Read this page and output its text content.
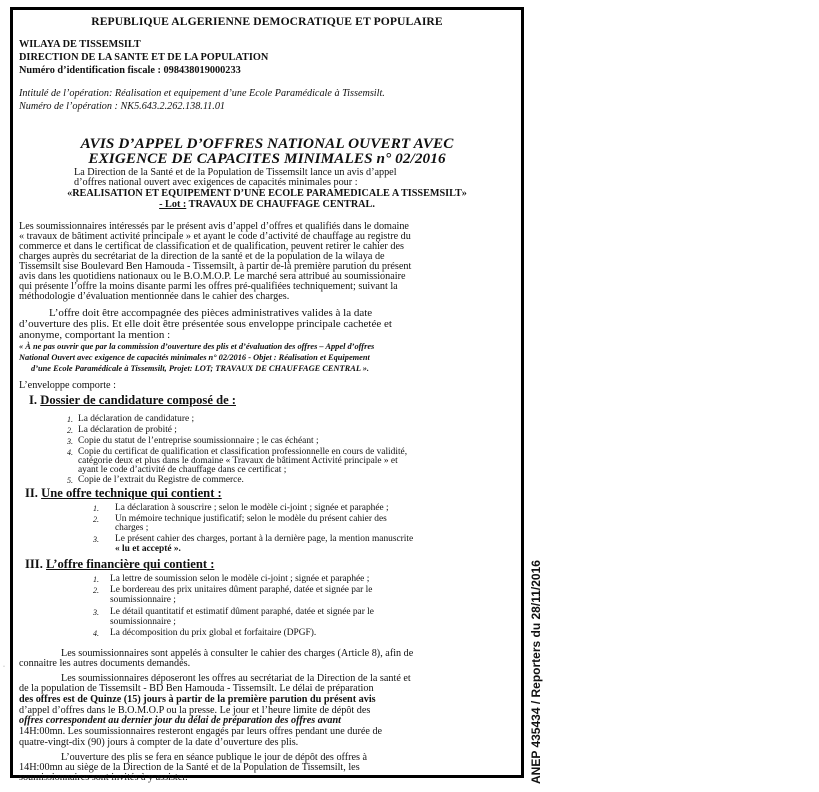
REPUBLIQUE ALGERIENNE DEMOCRATIQUE ET POPULAIRE
WILAYA DE TISSEMSILT
DIRECTION DE LA SANTE ET DE LA POPULATION
Numéro d’identification fiscale : 098438019000233
Intitulé de l’opération: Réalisation et equipement d’une Ecole Paramédicale à Tissemsilt.
Numéro de l’opération : NK5.643.2.262.138.11.01
AVIS D’APPEL D’OFFRES NATIONAL OUVERT AVEC
EXIGENCE DE CAPACITES MINIMALES n° 02/2016
La Direction de la Santé et de la Population de Tissemsilt lance un avis d’appel
d’offres national ouvert avec exigences de capacités minimales pour :
«REALISATION ET EQUIPEMENT D’UNE ECOLE PARAMEDICALE A TISSEMSILT»
- Lot : TRAVAUX DE CHAUFFAGE CENTRAL.
Les soumissionnaires intéressés par le présent avis d’appel d’offres et qualifiés dans le domaine
« travaux de bâtiment activité principale » et ayant le code d’activité de chauffage au registre du
commerce et dans le certificat de classification et de qualification, peuvent retirer le cahier des
charges auprès du secrétariat de la direction de la santé et de la population de la wilaya de
Tissemsilt sise Boulevard Ben Hamouda - Tissemsilt, à partir de-là première parution du présent
avis dans les quotidiens nationaux ou le B.O.M.O.P. Le marché sera attribué au soumissionaire
qui présente l’offre la moins disante parmi les offres pré-qualifiées techniquement; suivant la
méthodologie d’évaluation mentionnée dans le cahier des charges.
L’offre doit être accompagnée des pièces administratives valides à la date
d’ouverture des plis. Et elle doit être présentée sous enveloppe principale cachetée et
anonyme, comportant la mention :
« À ne pas ouvrir que par la commission d’ouverture des plis et d’évaluation des offres – Appel d’offres
National Ouvert avec exigence de capacités minimales n° 02/2016 - Objet : Réalisation et Equipement
d’une Ecole Paramédicale à Tissemsilt, Projet: LOT; TRAVAUX DE CHAUFFAGE CENTRAL ».
L’enveloppe comporte :
I. Dossier de candidature composé de :
1. La déclaration de candidature ;
2. La déclaration de probité ;
3. Copie du statut de l’entreprise soumissionnaire ; le cas échéant ;
4. Copie du certificat de qualification et classification professionnelle en cours de validité,
catégorie deux et plus dans le domaine « Travaux de bâtiment Activité principale » et
ayant le code d’activité de chauffage dans ce certificat ;
5. Copie de l’extrait du Registre de commerce.
II. Une offre technique qui contient :
1. La déclaration à souscrire ; selon le modèle ci-joint ; signée et paraphée ;
2. Un mémoire technique justificatif; selon le modèle du présent cahier des
charges ;
3. Le présent cahier des charges, portant à la dernière page, la mention manuscrite
« lu et accepté ».
III. L’offre financière qui contient :
1. La lettre de soumission selon le modèle ci-joint ; signée et paraphée ;
2. Le bordereau des prix unitaires dûment paraphé, datée et signée par le
soumissionnaire ;
3. Le détail quantitatif et estimatif dûment paraphé, datée et signée par le
soumissionnaire ;
4. La décomposition du prix global et forfaitaire (DPGF).
Les soumissionnaires sont appelés à consulter le cahier des charges (Article 8), afin de
connaitre les autres documents demandés.
Les soumissionnaires déposeront les offres au secrétariat de la Direction de la santé et
de la population de Tissemsilt - BD Ben Hamouda - Tissemsilt. Le délai de préparation
des offres est de Quinze (15) jours à partir de la première parution du présent avis
d’appel d’offres dans le B.O.M.O.P ou la presse. Le jour et l’heure limite de dépôt des
offres correspondent au dernier jour du délai de préparation des offres avant
14H:00mn. Les soumissionnaires resteront engagés par leurs offres pendant une durée de
quatre-vingt-dix (90) jours à compter de la date d’ouverture des plis.
L’ouverture des plis se fera en séance publique le jour de dépôt des offres à
14H:00mn au siège de la Direction de la Santé et de la Population de Tissemsilt, les
soumissionnaires sont invités à y assister.	ANEP 435434 / Reporters du 28/11/2016
·
